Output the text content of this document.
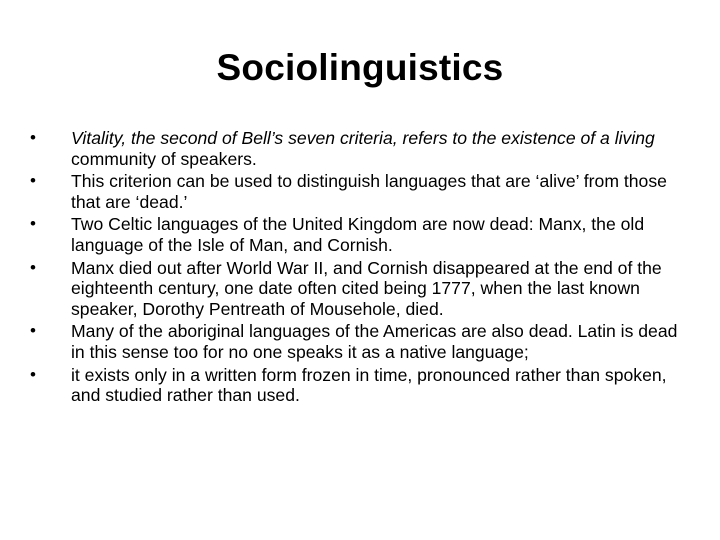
Sociolinguistics
•	Vitality, the second of Bell’s seven criteria, refers to the existence of a living community of speakers.
•	This criterion can be used to distinguish languages that are ‘alive’ from those that are ‘dead.’
•	Two Celtic languages of the United Kingdom are now dead: Manx, the old language of the Isle of Man, and Cornish.
•	Manx died out after World War II, and Cornish disappeared at the end of the eighteenth century, one date often cited being 1777, when the last known speaker, Dorothy Pentreath of Mousehole, died.
•	Many of the aboriginal languages of the Americas are also dead. Latin is dead in this sense too for no one speaks it as a native language;
•	it exists only in a written form frozen in time, pronounced rather than spoken, and studied rather than used.
